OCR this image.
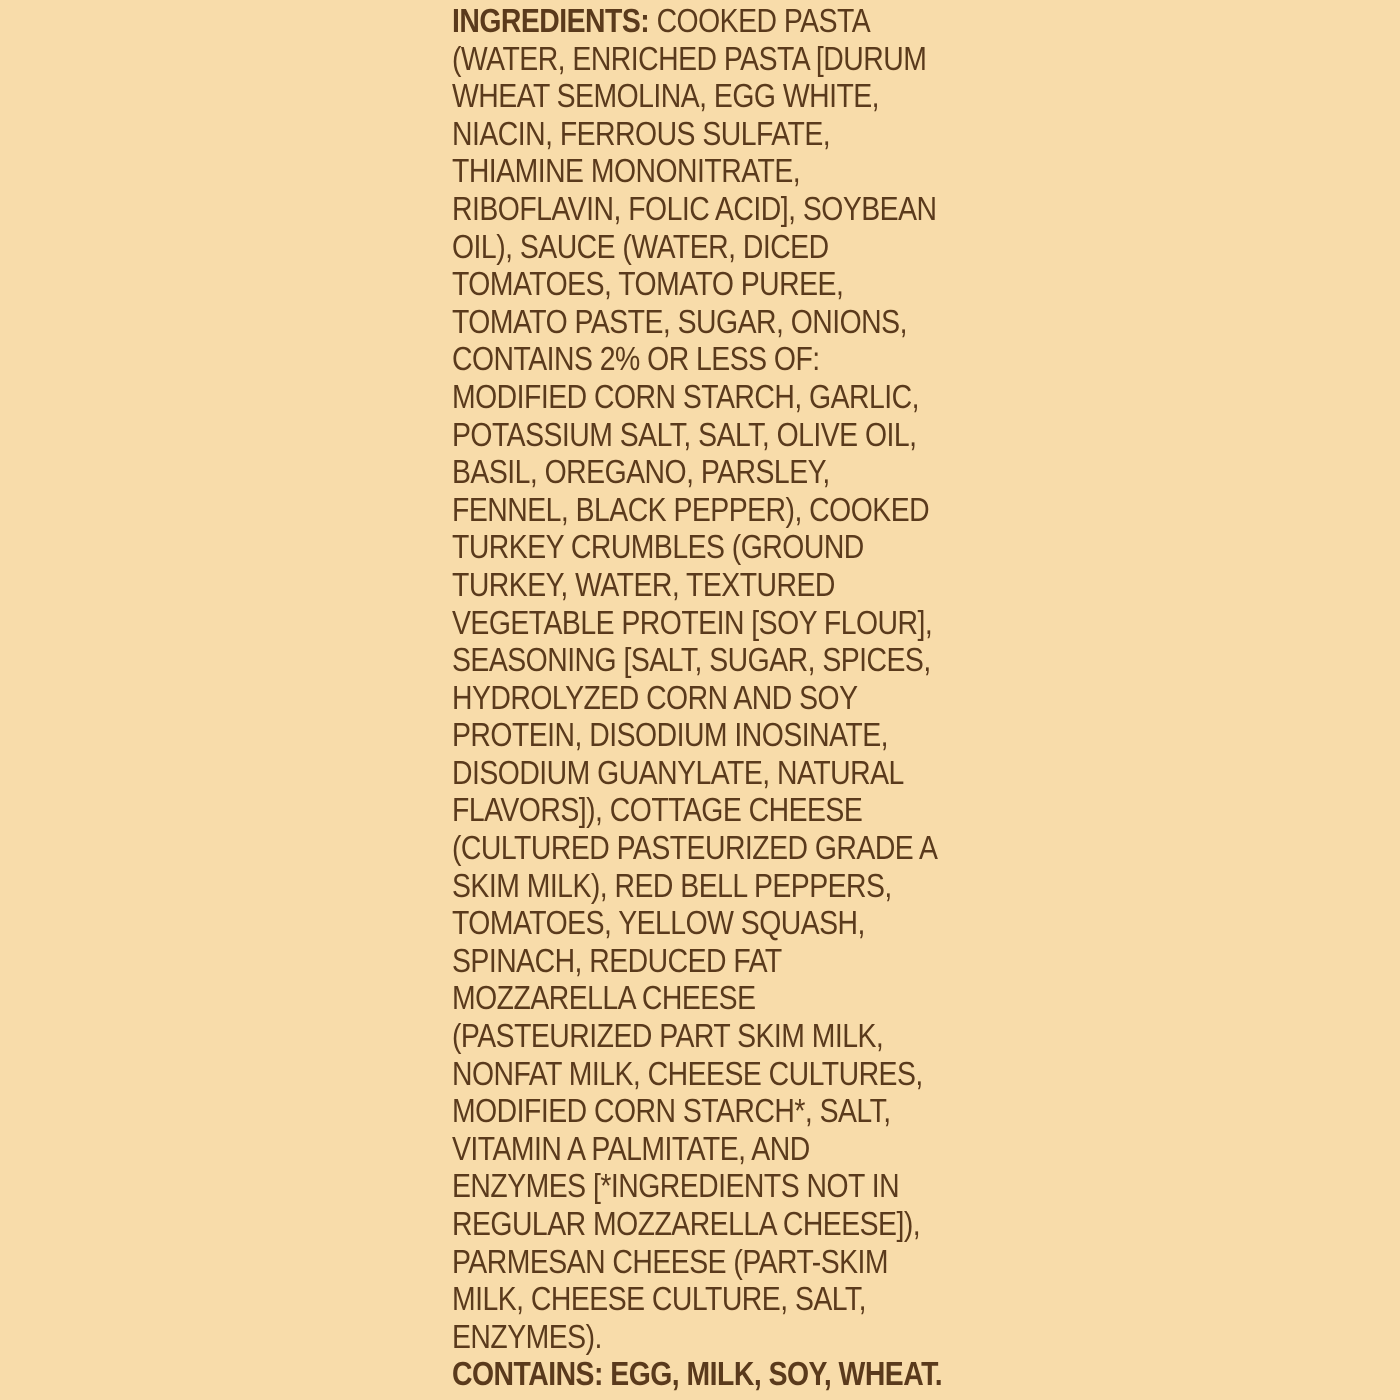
INGREDIENTS: COOKED PASTA
(WATER, ENRICHED PASTA [DURUM
WHEAT SEMOLINA, EGG WHITE,
NIACIN, FERROUS SULFATE,
THIAMINE MONONITRATE,
RIBOFLAVIN, FOLIC ACID], SOYBEAN
OIL), SAUCE (WATER, DICED
TOMATOES, TOMATO PUREE,
TOMATO PASTE, SUGAR, ONIONS,
CONTAINS 2% OR LESS OF:
MODIFIED CORN STARCH, GARLIC,
POTASSIUM SALT, SALT, OLIVE OIL,
BASIL, OREGANO, PARSLEY,
FENNEL, BLACK PEPPER), COOKED
TURKEY CRUMBLES (GROUND
TURKEY, WATER, TEXTURED
VEGETABLE PROTEIN [SOY FLOUR],
SEASONING [SALT, SUGAR, SPICES,
HYDROLYZED CORN AND SOY
PROTEIN, DISODIUM INOSINATE,
DISODIUM GUANYLATE, NATURAL
FLAVORS]), COTTAGE CHEESE
(CULTURED PASTEURIZED GRADE A
SKIM MILK), RED BELL PEPPERS,
TOMATOES, YELLOW SQUASH,
SPINACH, REDUCED FAT
MOZZARELLA CHEESE
(PASTEURIZED PART SKIM MILK,
NONFAT MILK, CHEESE CULTURES,
MODIFIED CORN STARCH*, SALT,
VITAMIN A PALMITATE, AND
ENZYMES [*INGREDIENTS NOT IN
REGULAR MOZZARELLA CHEESE]),
PARMESAN CHEESE (PART-SKIM
MILK, CHEESE CULTURE, SALT,
ENZYMES).
CONTAINS: EGG, MILK, SOY, WHEAT.
